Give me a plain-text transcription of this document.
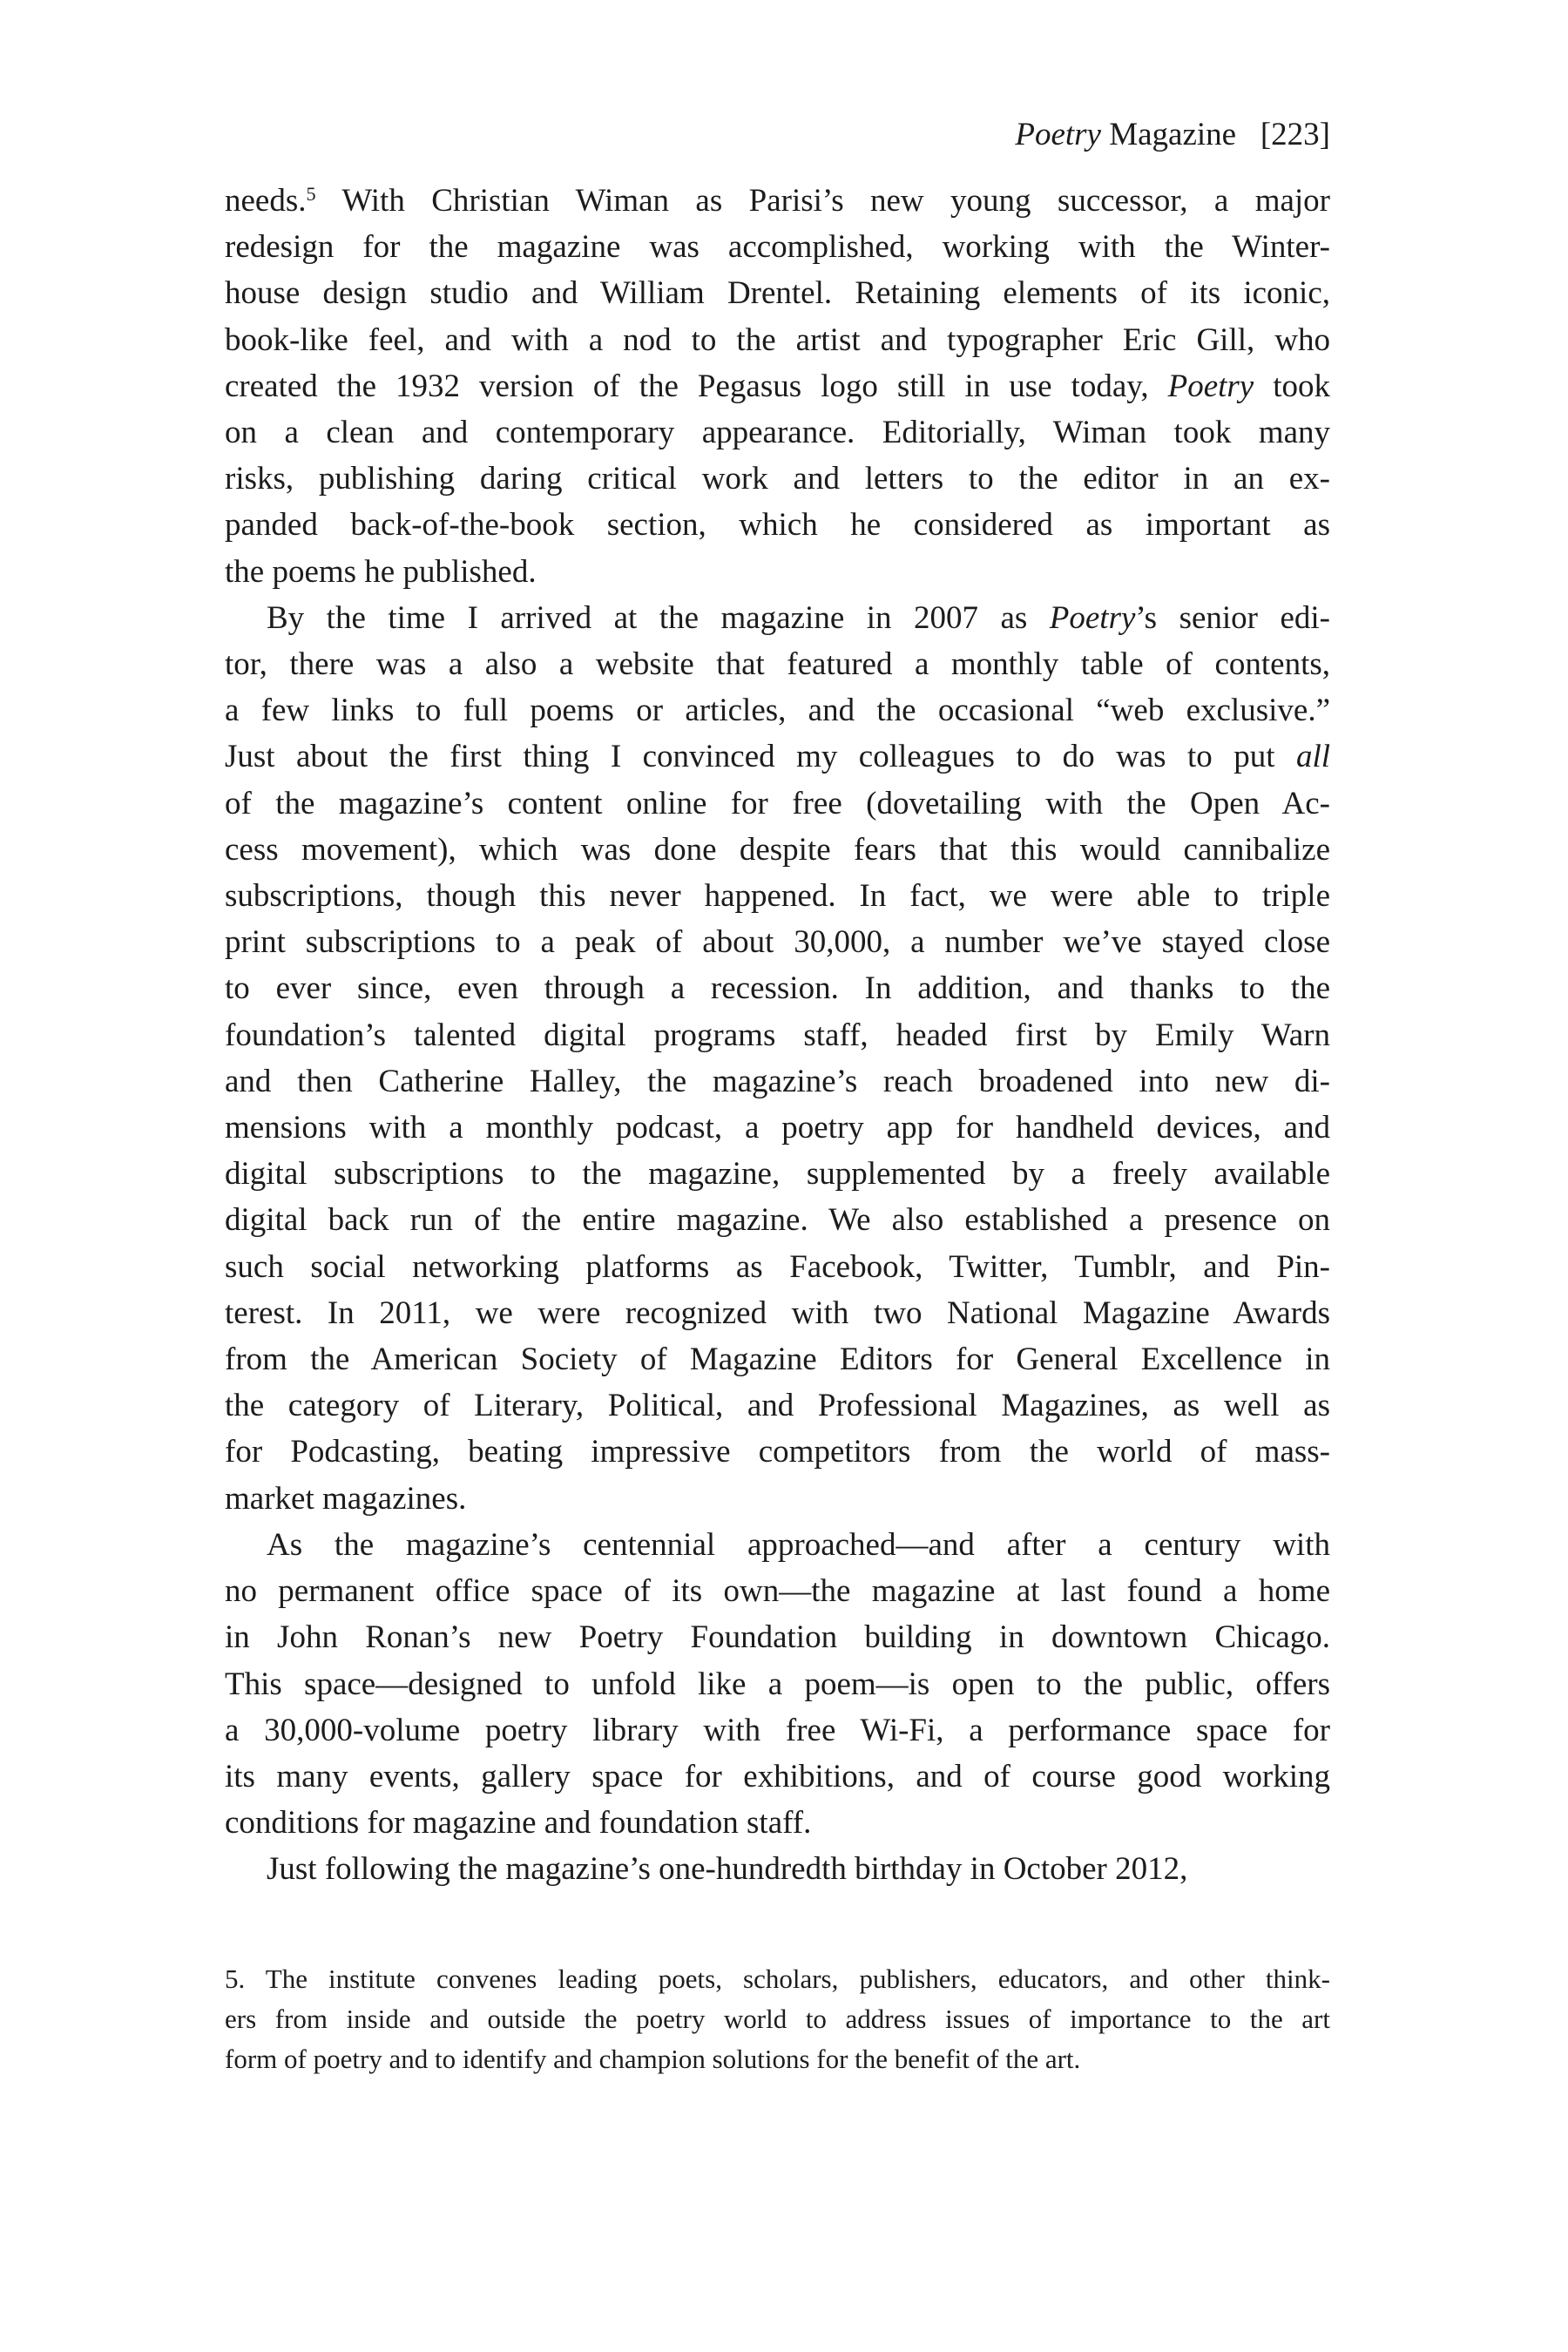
Poetry Magazine [223]
needs.$^5$ With Christian Wiman as Parisi’s new young successor, a major
redesign for the magazine was accomplished, working with the Winter-
house design studio and William Drentel. Retaining elements of its iconic,
book-like feel, and with a nod to the artist and typographer Eric Gill, who
created the 1932 version of the Pegasus logo still in use today, Poetry took
on a clean and contemporary appearance. Editorially, Wiman took many
risks, publishing daring critical work and letters to the editor in an ex-
panded back-of-the-book section, which he considered as important as
the poems he published.
By the time I arrived at the magazine in 2007 as Poetry’s senior edi-
tor, there was a also a website that featured a monthly table of contents,
a few links to full poems or articles, and the occasional “web exclusive.”
Just about the first thing I convinced my colleagues to do was to put all
of the magazine’s content online for free (dovetailing with the Open Ac-
cess movement), which was done despite fears that this would cannibalize
subscriptions, though this never happened. In fact, we were able to triple
print subscriptions to a peak of about 30,000, a number we’ve stayed close
to ever since, even through a recession. In addition, and thanks to the
foundation’s talented digital programs staff, headed first by Emily Warn
and then Catherine Halley, the magazine’s reach broadened into new di-
mensions with a monthly podcast, a poetry app for handheld devices, and
digital subscriptions to the magazine, supplemented by a freely available
digital back run of the entire magazine. We also established a presence on
such social networking platforms as Facebook, Twitter, Tumblr, and Pin-
terest. In 2011, we were recognized with two National Magazine Awards
from the American Society of Magazine Editors for General Excellence in
the category of Literary, Political, and Professional Magazines, as well as
for Podcasting, beating impressive competitors from the world of mass-
market magazines.
As the magazine’s centennial approached—and after a century with
no permanent office space of its own—the magazine at last found a home
in John Ronan’s new Poetry Foundation building in downtown Chicago.
This space—designed to unfold like a poem—is open to the public, offers
a 30,000-volume poetry library with free Wi-Fi, a performance space for
its many events, gallery space for exhibitions, and of course good working
conditions for magazine and foundation staff.
Just following the magazine’s one-hundredth birthday in October 2012,
5. The institute convenes leading poets, scholars, publishers, educators, and other think-
ers from inside and outside the poetry world to address issues of importance to the art
form of poetry and to identify and champion solutions for the benefit of the art.
